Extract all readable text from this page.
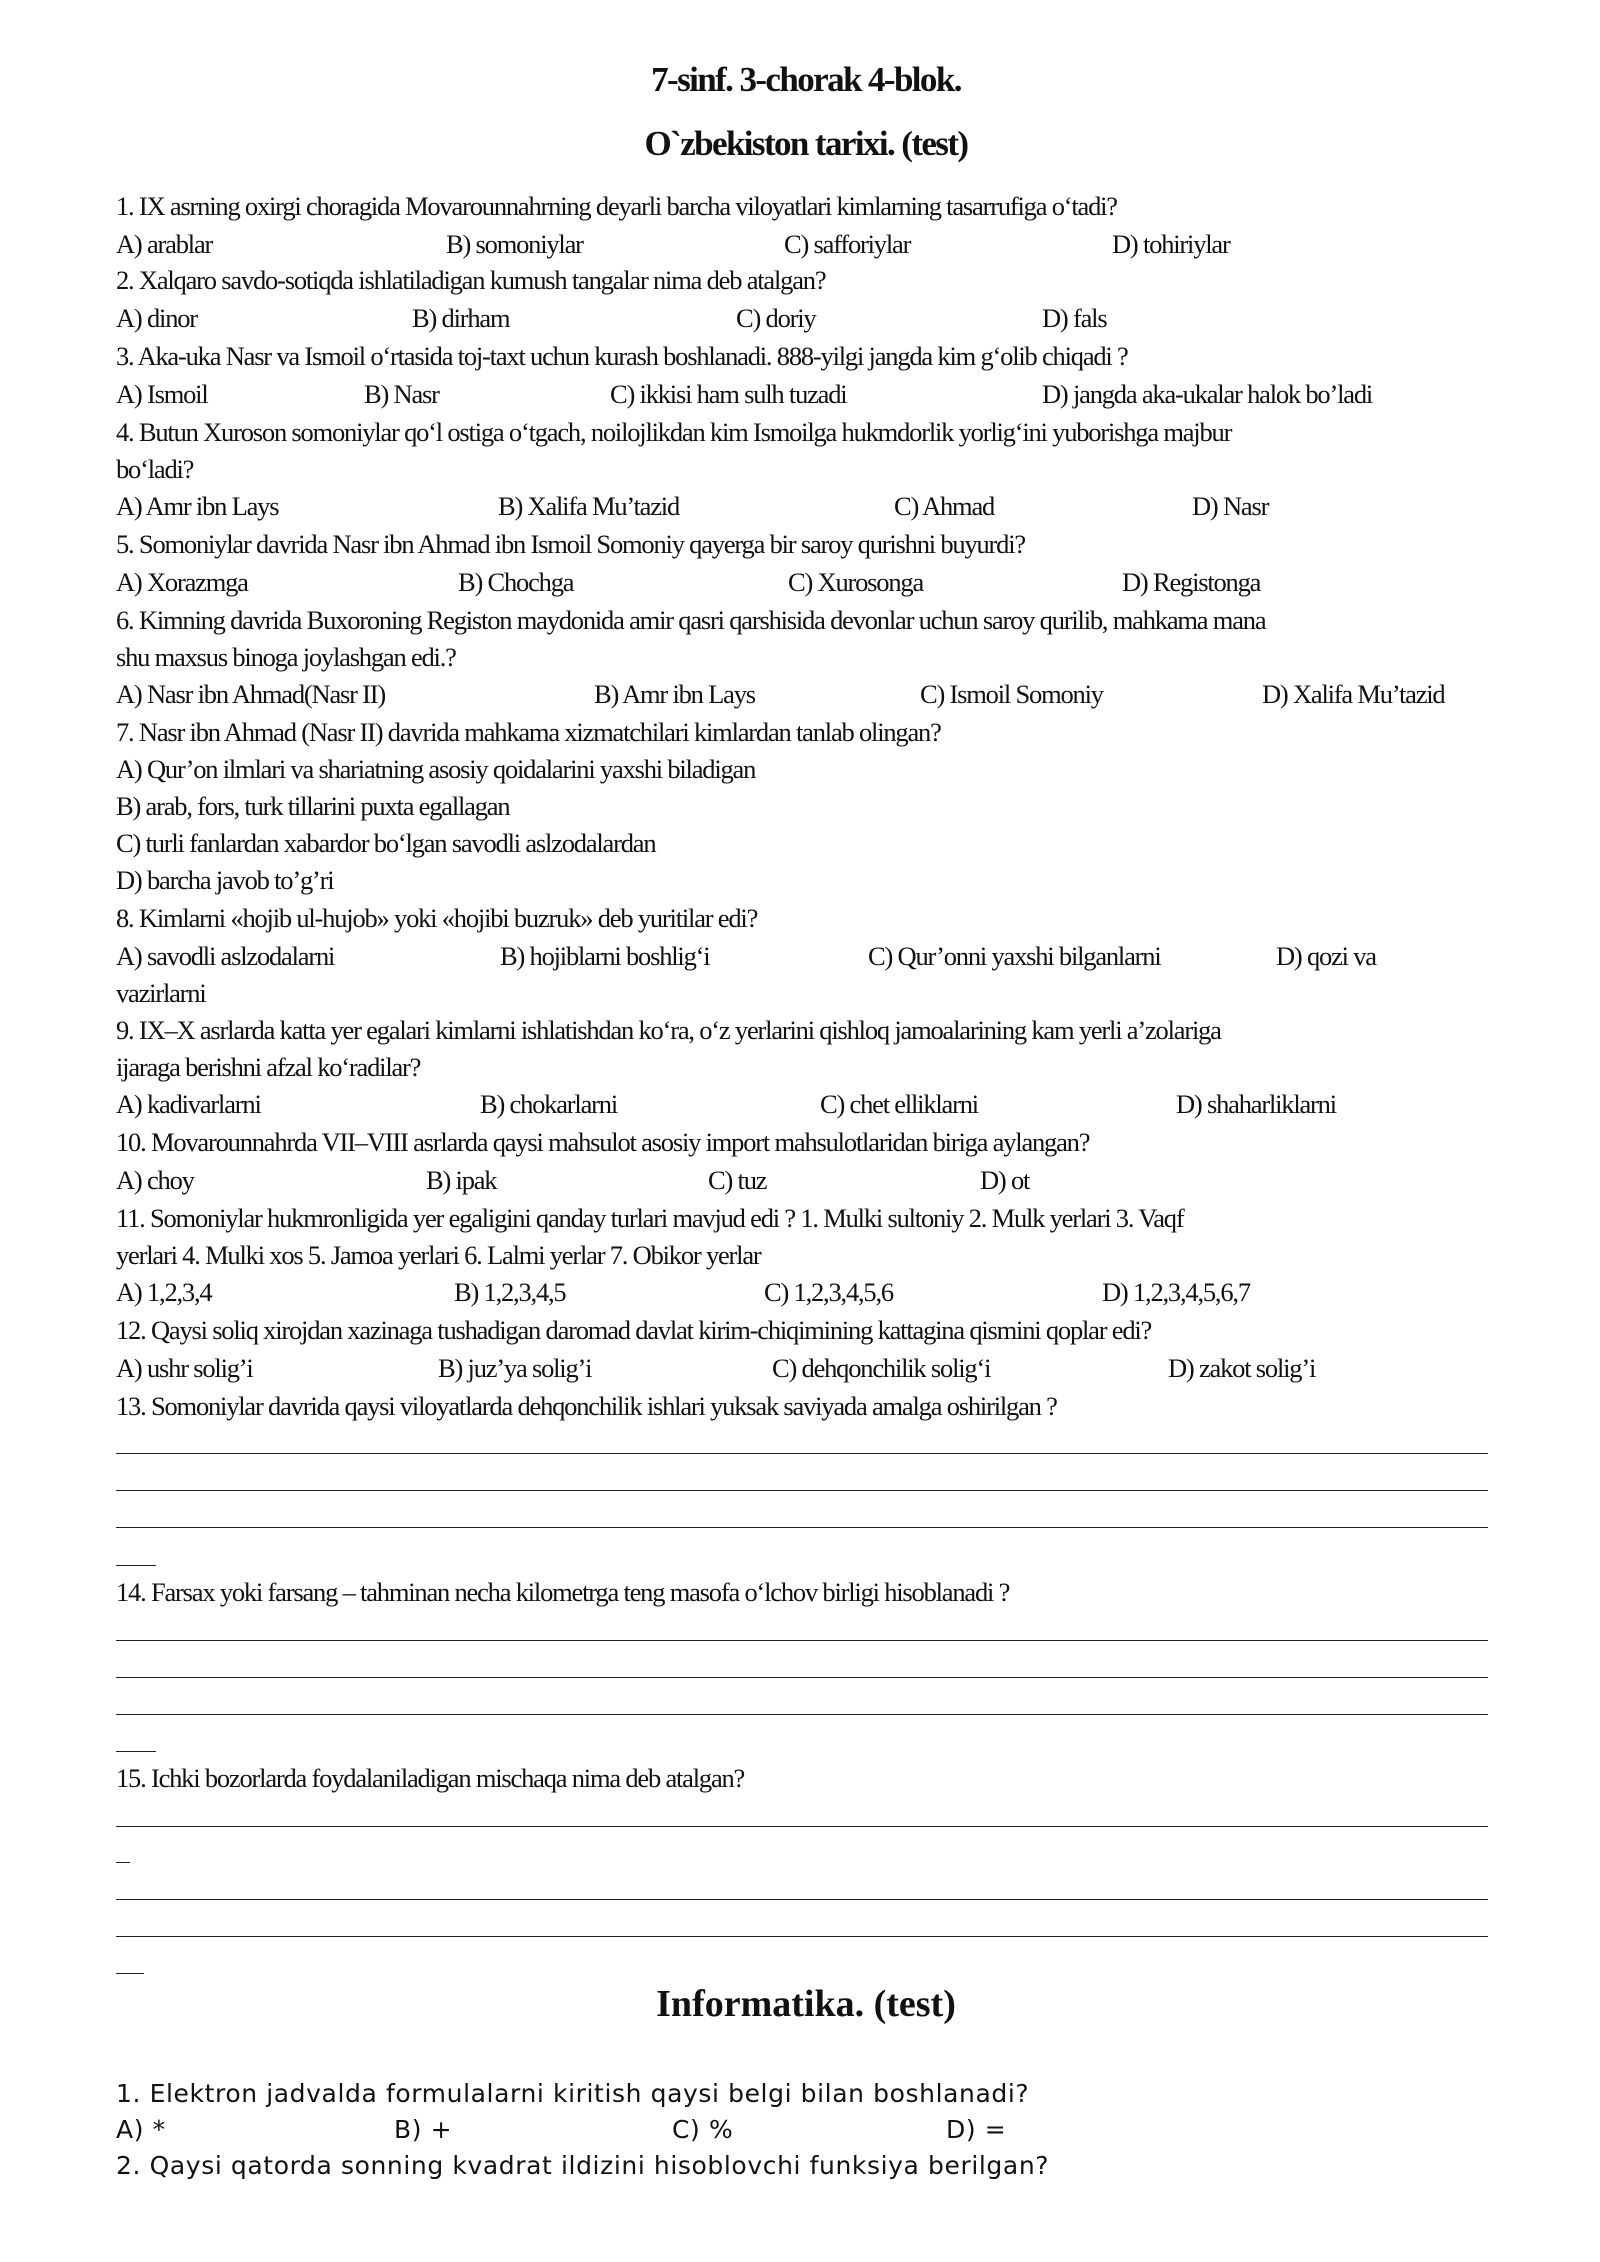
7-sinf. 3-chorak 4-blok.
O`zbekiston tarixi. (test)
1. IX asrning oxirgi choragida Movarounnahrning deyarli barcha viloyatlari kimlarning tasarrufiga o‘tadi?
A) arablar	B) somoniylar	C) safforiylar	D) tohiriylar
2. Xalqaro savdo-sotiqda ishlatiladigan kumush tangalar nima deb atalgan?
A) dinor	B) dirham	C) doriy	D) fals
3. Aka-uka Nasr va Ismoil o‘rtasida toj-taxt uchun kurash boshlanadi. 888-yilgi jangda kim g‘olib chiqadi ?
A) Ismoil	B) Nasr	C) ikkisi ham sulh tuzadi	D) jangda aka-ukalar halok bo’ladi
4. Butun Xuroson somoniylar qo‘l ostiga o‘tgach, noilojlikdan kim Ismoilga hukmdorlik yorlig‘ini yuborishga majbur
bo‘ladi?
A) Amr ibn Lays	B) Xalifa Mu’tazid	C) Ahmad	D) Nasr
5. Somoniylar davrida Nasr ibn Ahmad ibn Ismoil Somoniy qayerga bir saroy qurishni buyurdi?
A) Xorazmga	B) Chochga	C) Xurosonga	D) Registonga
6. Kimning davrida Buxoroning Registon maydonida amir qasri qarshisida devonlar uchun saroy qurilib, mahkama mana
shu maxsus binoga joylashgan edi.?
A) Nasr ibn Ahmad(Nasr II)	B) Amr ibn Lays	C) Ismoil Somoniy	D) Xalifa Mu’tazid
7. Nasr ibn Ahmad (Nasr II) davrida mahkama xizmatchilari kimlardan tanlab olingan?
A) Qur’on ilmlari va shariatning asosiy qoidalarini yaxshi biladigan
B) arab, fors, turk tillarini puxta egallagan
C) turli fanlardan xabardor bo‘lgan savodli aslzodalardan
D) barcha javob to’g’ri
8. Kimlarni «hojib ul-hujob» yoki «hojibi buzruk» deb yuritilar edi?
A) savodli aslzodalarni	B) hojiblarni boshlig‘i	C) Qur’onni yaxshi bilganlarni	D) qozi va
vazirlarni
9. IX–X asrlarda katta yer egalari kimlarni ishlatishdan ko‘ra, o‘z yerlarini qishloq jamoalarining kam yerli a’zolariga
ijaraga berishni afzal ko‘radilar?
A) kadivarlarni	B) chokarlarni	C) chet elliklarni	D) shaharliklarni
10. Movarounnahrda VII–VIII asrlarda qaysi mahsulot asosiy import mahsulotlaridan biriga aylangan?
A) choy	B) ipak	C) tuz	D) ot
11. Somoniylar hukmronligida yer egaligini qanday turlari mavjud edi ? 1. Mulki sultoniy 2. Mulk yerlari 3. Vaqf
yerlari 4. Mulki xos 5. Jamoa yerlari 6. Lalmi yerlar 7. Obikor yerlar
A) 1,2,3,4	B) 1,2,3,4,5	C) 1,2,3,4,5,6	D) 1,2,3,4,5,6,7
12. Qaysi soliq xirojdan xazinaga tushadigan daromad davlat kirim-chiqimining kattagina qismini qoplar edi?
A) ushr solig’i	B) juz’ya solig’i	C) dehqonchilik solig‘i	D) zakot solig’i
13. Somoniylar davrida qaysi viloyatlarda dehqonchilik ishlari yuksak saviyada amalga oshirilgan ?
14. Farsax yoki farsang – tahminan necha kilometrga teng masofa o‘lchov birligi hisoblanadi ?
15. Ichki bozorlarda foydalaniladigan mischaqa nima deb atalgan?
Informatika. (test)
1. Elektron jadvalda formulalarni kiritish qaysi belgi bilan boshlanadi?
A) *	B) +	C) %	D) =
2. Qaysi qatorda sonning kvadrat ildizini hisoblovchi funksiya berilgan?
